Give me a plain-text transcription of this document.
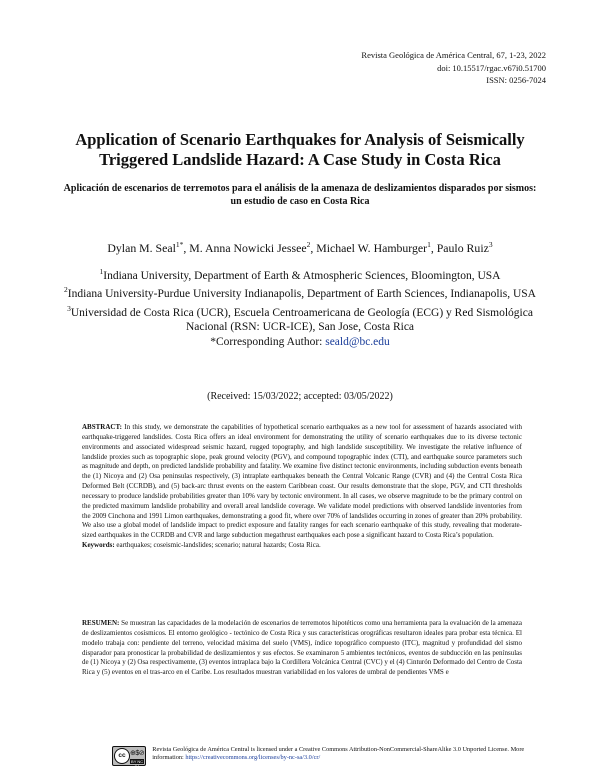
Revista Geológica de América Central, 67, 1-23, 2022
doi: 10.15517/rgac.v67i0.51700
ISSN: 0256-7024
Application of Scenario Earthquakes for Analysis of Seismically Triggered Landslide Hazard: A Case Study in Costa Rica
Aplicación de escenarios de terremotos para el análisis de la amenaza de deslizamientos disparados por sismos: un estudio de caso en Costa Rica
Dylan M. Seal$^{1*}$, M. Anna Nowicki Jessee$^2$, Michael W. Hamburger$^1$, Paulo Ruiz$^3$
$^1$Indiana University, Department of Earth & Atmospheric Sciences, Bloomington, USA
$^2$Indiana University-Purdue University Indianapolis, Department of Earth Sciences, Indianapolis, USA
$^3$Universidad de Costa Rica (UCR), Escuela Centroamericana de Geología (ECG) y Red Sismológica Nacional (RSN: UCR-ICE), San Jose, Costa Rica
*Corresponding Author: seald@bc.edu
(Received: 15/03/2022; accepted: 03/05/2022)

ABSTRACT: In this study, we demonstrate the capabilities of hypothetical scenario earthquakes as a new tool for assessment of hazards associated with earthquake-triggered landslides. Costa Rica offers an ideal environment for demonstrating the utility of scenario earthquakes due to its diverse tectonic environments and associated widespread seismic hazard, rugged topography, and high landslide susceptibility. We investigate the relative influence of landslide proxies such as topographic slope, peak ground velocity (PGV), and compound topographic index (CTI), and earthquake source parameters such as magnitude and depth, on predicted landslide probability and fatality. We examine five distinct tectonic environments, including subduction events beneath the (1) Nicoya and (2) Osa peninsulas respectively, (3) intraplate earthquakes beneath the Central Volcanic Range (CVR) and (4) the Central Costa Rica Deformed Belt (CCRDB), and (5) back-arc thrust events on the eastern Caribbean coast. Our results demonstrate that the slope, PGV, and CTI thresholds necessary to produce landslide probabilities greater than 10% vary by tectonic environment. In all cases, we observe magnitude to be the primary control on the predicted maximum landslide probability and overall areal landslide coverage. We validate model predictions with observed landslide inventories from the 2009 Cinchona and 1991 Limon earthquakes, demonstrating a good fit, where over 70% of landslides occurring in zones of greater than 20% probability. We also use a global model of landslide impact to predict exposure and fatality ranges for each scenario earthquake of this study, revealing that moderate-sized earthquakes in the CCRDB and CVR and large subduction megathrust earthquakes each pose a significant hazard to Costa Rica’s population.

Keywords: earthquakes; coseismic-landslides; scenario; natural hazards; Costa Rica.

RESUMEN: Se muestran las capacidades de la modelación de escenarios de terremotos hipotéticos como una herramienta para la evaluación de la amenaza de deslizamientos cosísmicos. El entorno geológico - tectónico de Costa Rica y sus características orográficas resultaron ideales para probar esta técnica. El modelo trabaja con: pendiente del terreno, velocidad máxima del suelo (VMS), índice topográfico compuesto (ITC), magnitud y profundidad del sismo disparador para pronosticar la probabilidad de deslizamientos y sus efectos. Se examinaron 5 ambientes tectónicos, eventos de subducción en las penínsulas de (1) Nicoya y (2) Osa respectivamente, (3) eventos intraplaca bajo la Cordillera Volcánica Central (CVC) y el (4) Cinturón Deformado del Centro de Costa Rica y (5) eventos en el tras-arco en el Caribe. Los resultados muestran variabilidad en los valores de umbral de pendientes VMS e

cc ⊕$⊘
BY NC SA
Revista Geológica de América Central is licensed under a Creative Commons Attribution-NonCommercial-ShareAlike 3.0 Unported License. More information: https://creativecommons.org/licenses/by-nc-sa/3.0/cr/
